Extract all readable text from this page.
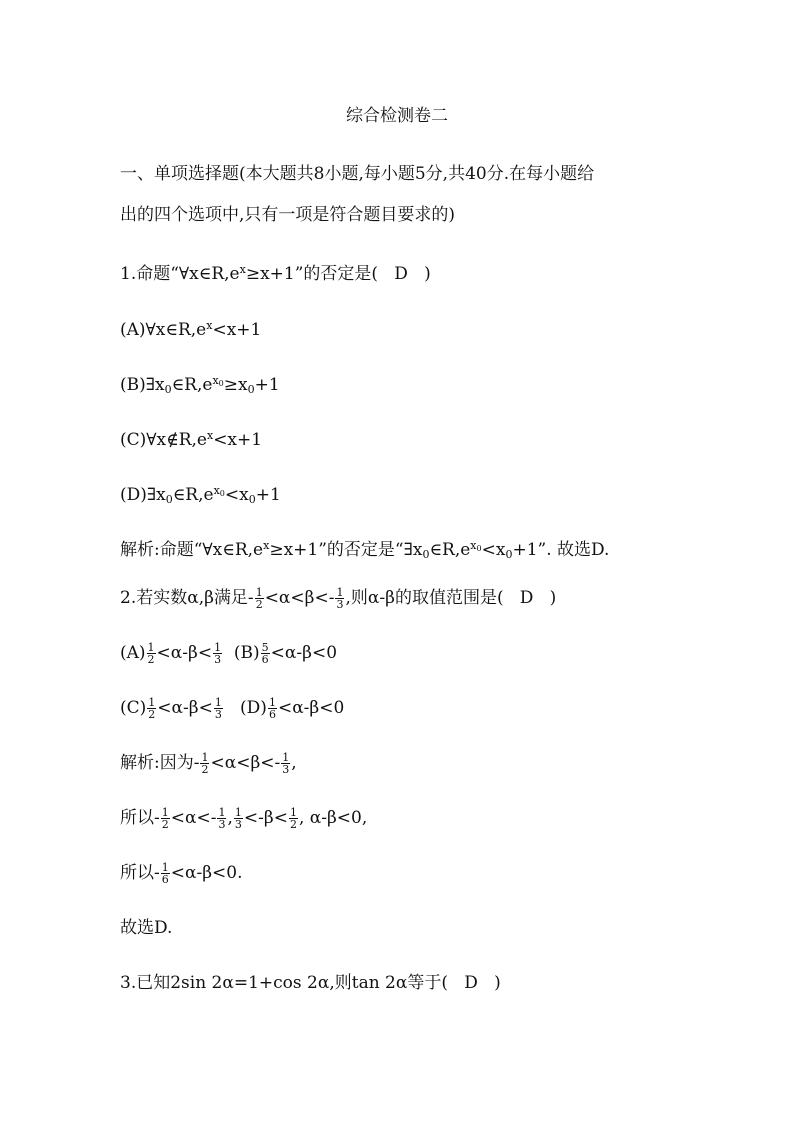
综合检测卷二
一、单项选择题(本大题共8小题,每小题5分,共40分.在每小题给
出的四个选项中,只有一项是符合题目要求的)
1.命题“$\forall x\in R,e^x\ge x+1$”的否定是( D )
$(A)\forall x\in R,e^x<x+1$
$(B)\exists x_0\in R,e^{x_0}\ge x_0+1$
$(C)\forall x\notin R,e^x<x+1$
$(D)\exists x_0\in R,e^{x_0}<x_0+1$
解析:命题“$\forall x\in R,e^x\ge x+1$”的否定是“$\exists x_0\in R,e^{x_0}<x_0+1$”. 故选D.
2.若实数α,β满足- $\frac{1}{2} <\alpha<\beta<- \frac{1}{3}$ ,则α-β的取值范围是( D )
$(A) \frac{1}{2} <\alpha-\beta< \frac{1}{3} (B) \frac{5}{6} <\alpha-\beta<0$
$(C) \frac{1}{2} <\alpha-\beta< \frac{1}{3} (D) \frac{1}{6} <\alpha-\beta<0$
解析:因为- $\frac{1}{2} <\alpha<\beta<- \frac{1}{3}$ ,
所以- $\frac{1}{2} <\alpha<- \frac{1}{3}$ , $\frac{1}{3} <-\beta< \frac{1}{2}$ , α-β<0,
所以- $\frac{1}{6} <\alpha-\beta<0$.
故选D.
3.已知2sin 2α=1+cos 2α,则tan 2α等于( D )
